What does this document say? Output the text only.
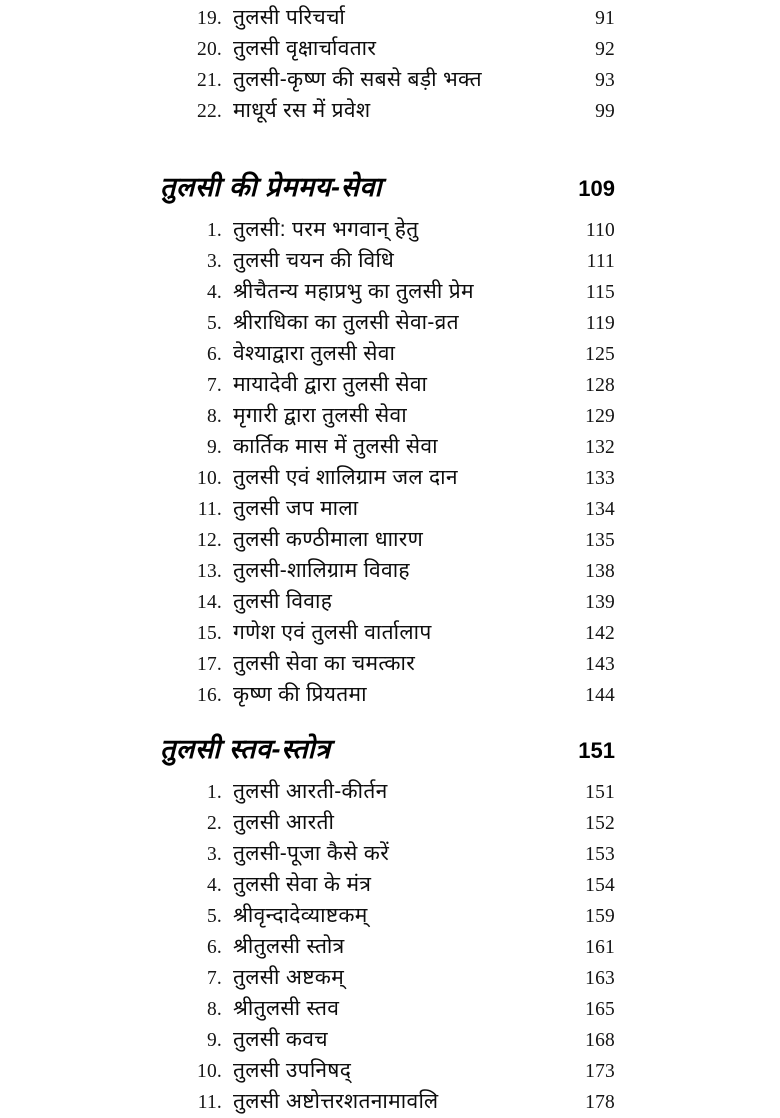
19. तुलसी परिचर्चा	91
20. तुलसी वृक्षार्चावतार	92
21. तुलसी-कृष्ण की सबसे बड़ी भक्त	93
22. माधूर्य रस में प्रवेश	99
तुलसी की प्रेममय-सेवा	109
1. तुलसी: परम भगवान् हेतु	110
3. तुलसी चयन की विधि	111
4. श्रीचैतन्य महाप्रभु का तुलसी प्रेम	115
5. श्रीराधिका का तुलसी सेवा-व्रत	119
6. वेश्याद्वारा तुलसी सेवा	125
7. मायादेवी द्वारा तुलसी सेवा	128
8. मृगारी द्वारा तुलसी सेवा	129
9. कार्तिक मास में तुलसी सेवा	132
10. तुलसी एवं शालिग्राम जल दान	133
11. तुलसी जप माला	134
12. तुलसी कण्ठीमाला धाारण	135
13. तुलसी-शालिग्राम विवाह	138
14. तुलसी विवाह	139
15. गणेश एवं तुलसी वार्तालाप	142
17. तुलसी सेवा का चमत्कार	143
16. कृष्ण की प्रियतमा	144
तुलसी स्तव-स्तोत्र	151
1. तुलसी आरती-कीर्तन	151
2. तुलसी आरती	152
3. तुलसी-पूजा कैसे करें	153
4. तुलसी सेवा के मंत्र	154
5. श्रीवृन्दादेव्याष्टकम्	159
6. श्रीतुलसी स्तोत्र	161
7. तुलसी अष्टकम्	163
8. श्रीतुलसी स्तव	165
9. तुलसी कवच	168
10. तुलसी उपनिषद्	173
11. तुलसी अष्टोत्तरशतनामावलि	178
